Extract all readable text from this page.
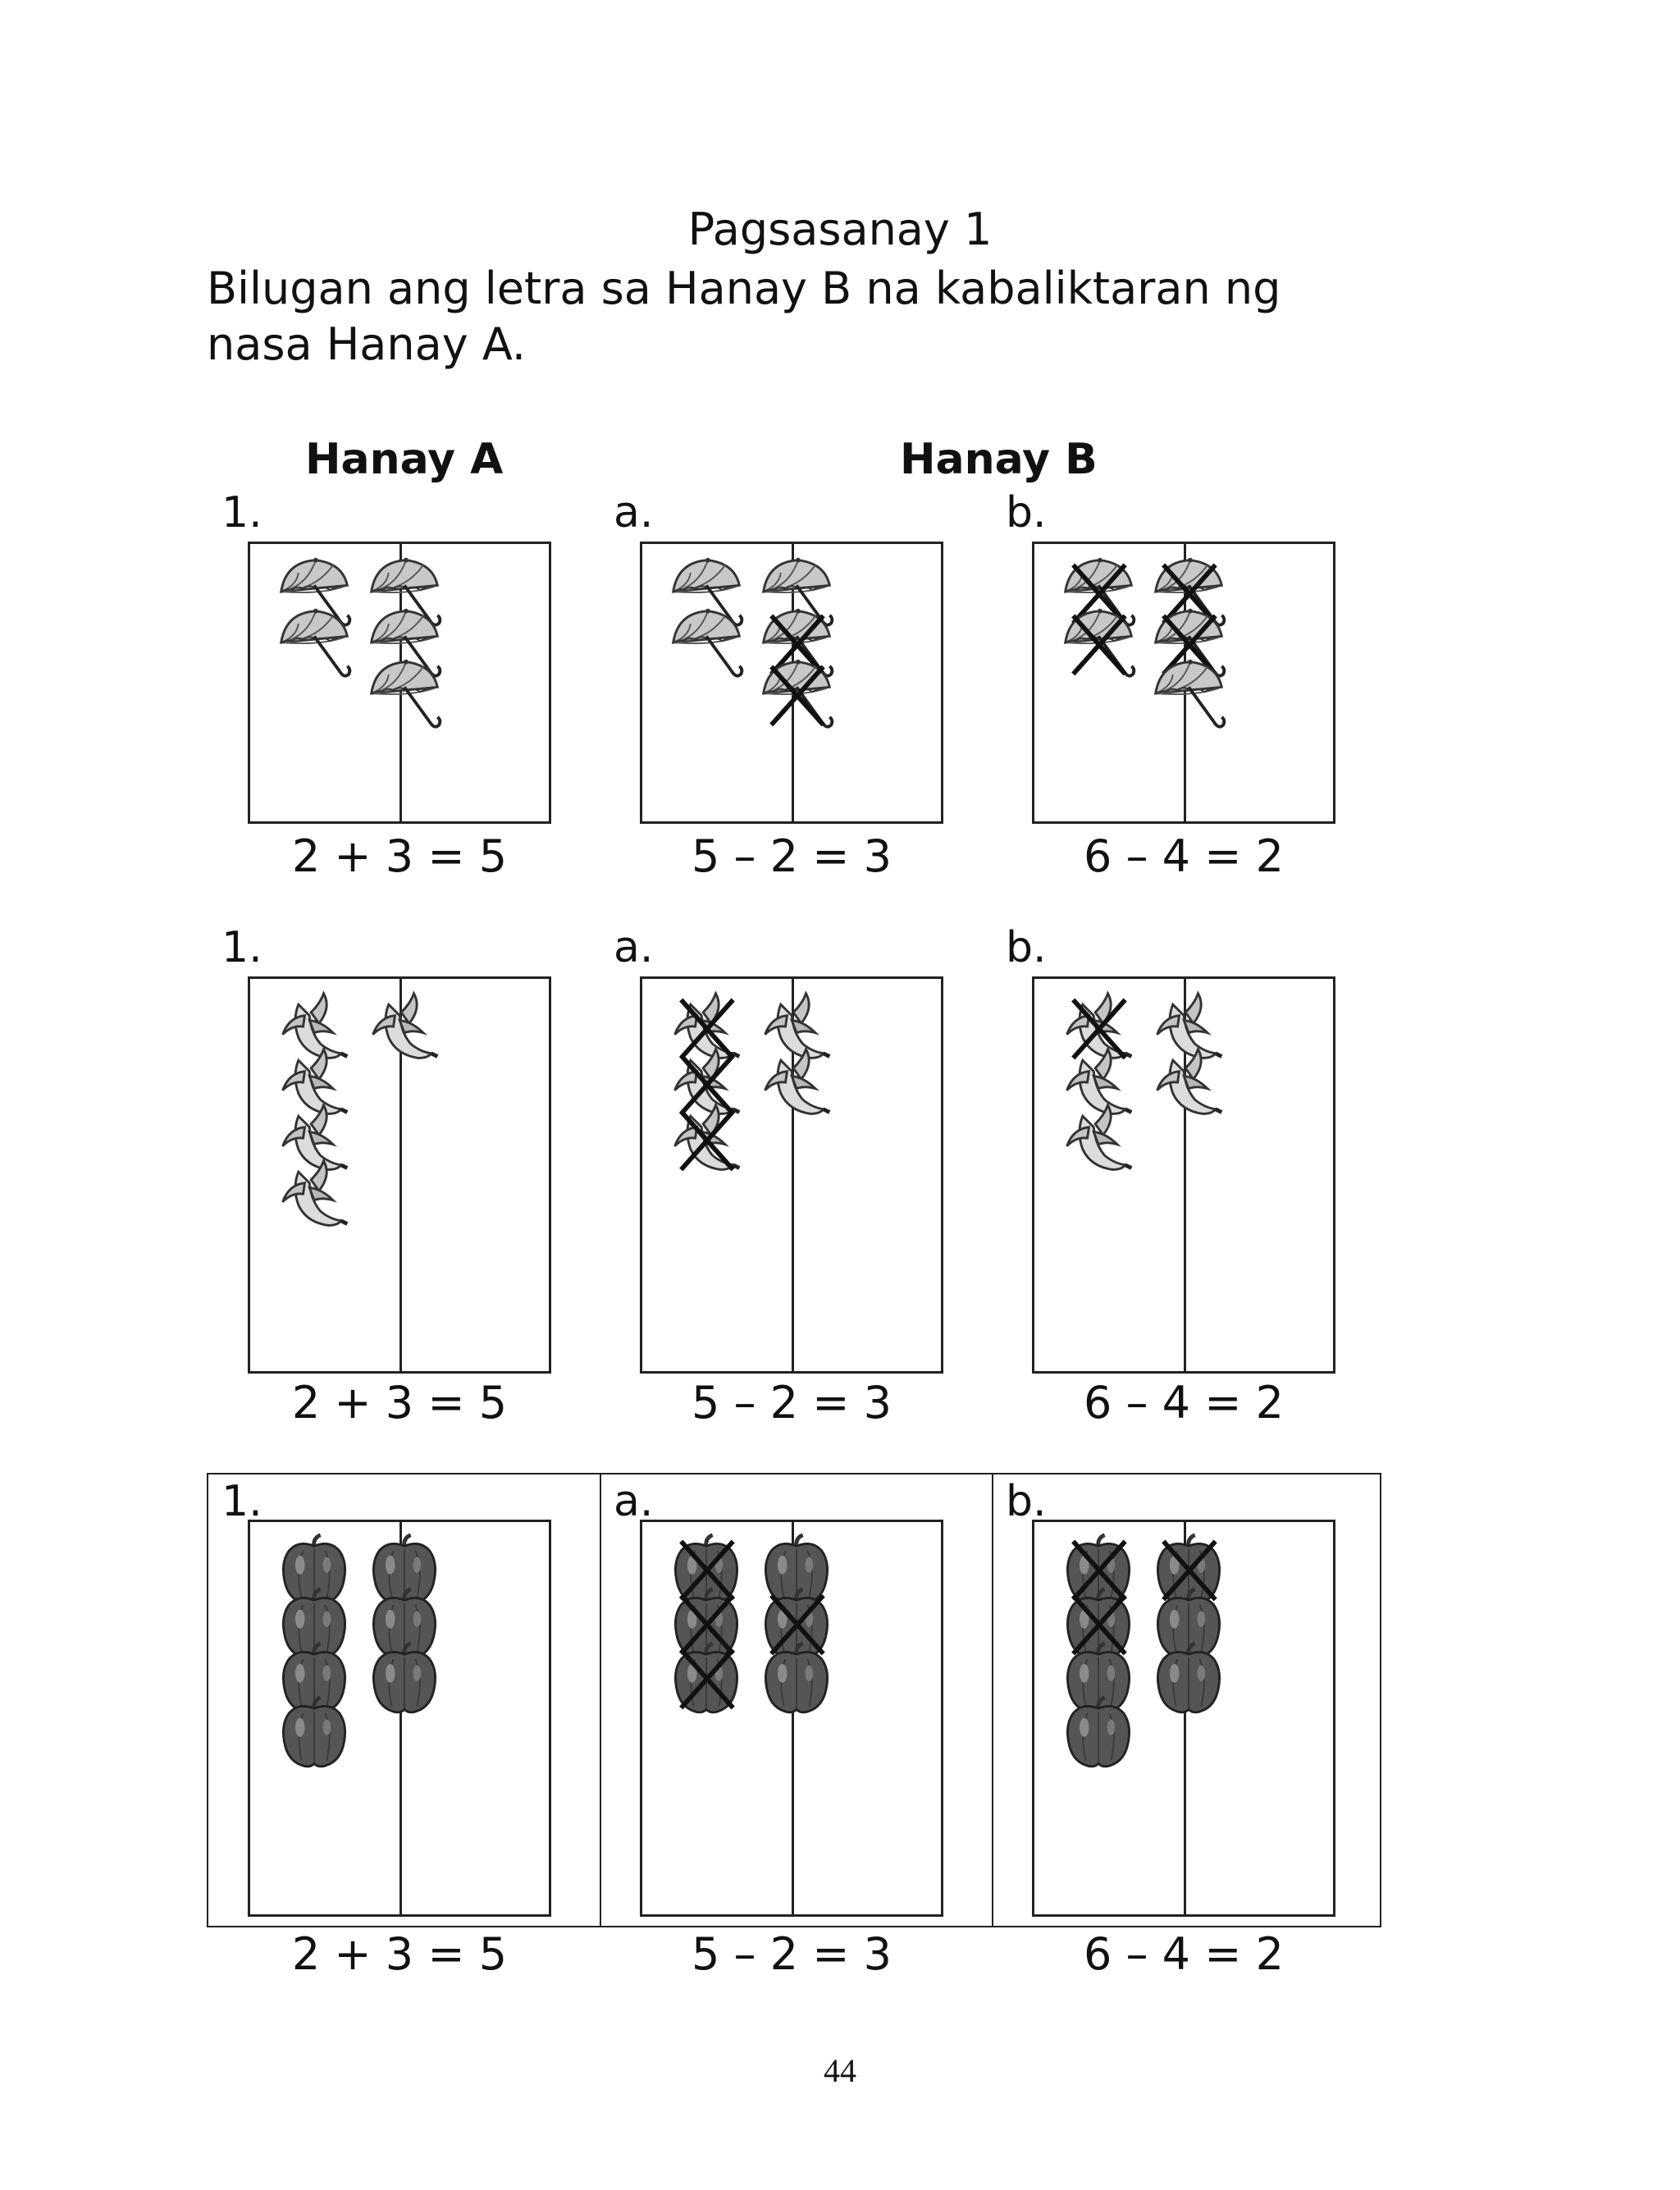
Pagsasanay 1
Bilugan ang letra sa Hanay B na kabaliktaran ng nasa Hanay A.
Hanay A	Hanay B
1.	a.	b.
2 + 3 = 5	5 – 2 = 3	6 – 4 = 2
1.	a.	b.
2 + 3 = 5	5 – 2 = 3	6 – 4 = 2
1.	a.	b.
2 + 3 = 5	5 – 2 = 3	6 – 4 = 2
44
